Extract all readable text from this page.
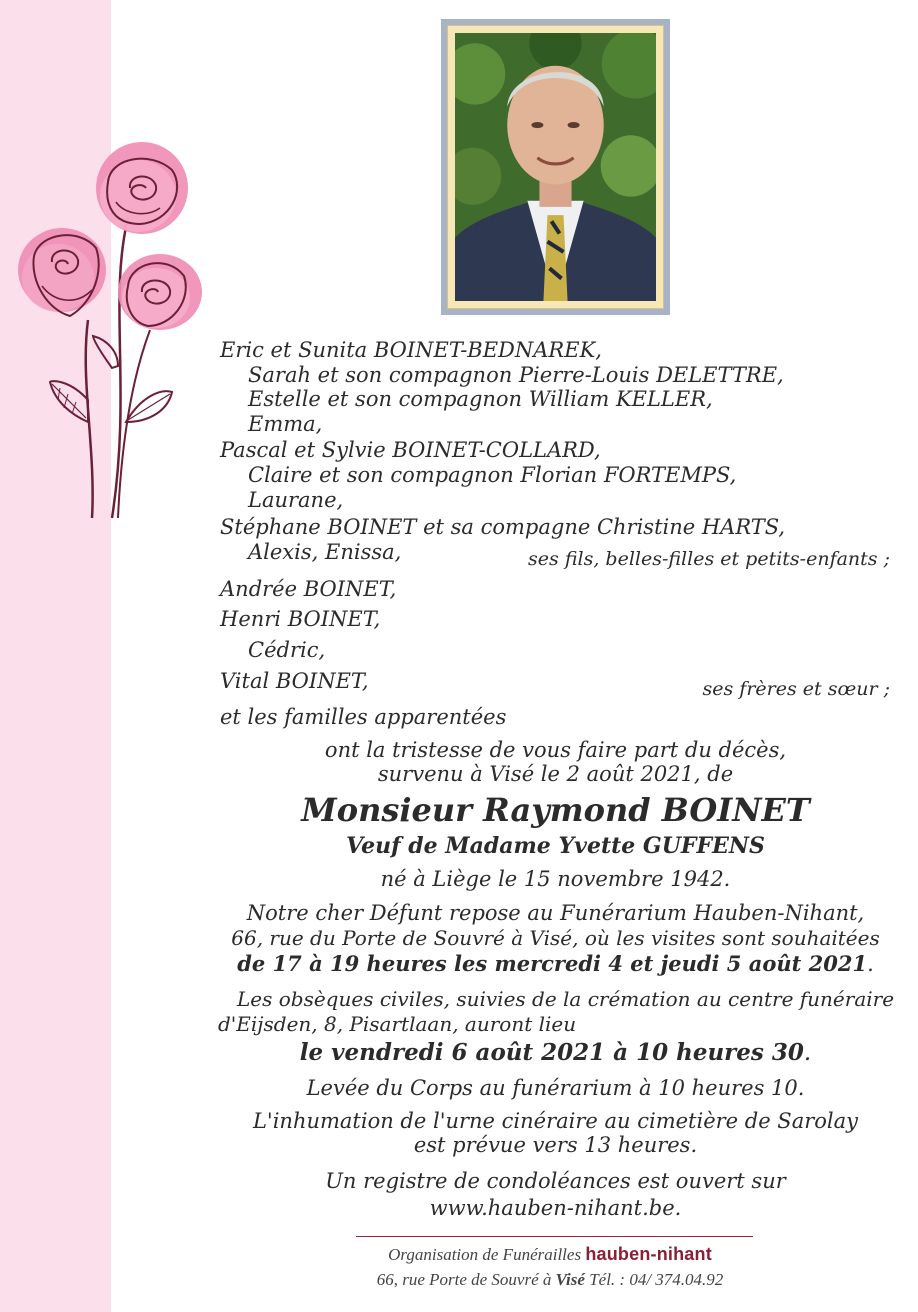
Eric et Sunita BOINET-BEDNAREK,
Sarah et son compagnon Pierre-Louis DELETTRE,
Estelle et son compagnon William KELLER,
Emma,
Pascal et Sylvie BOINET-COLLARD,
Claire et son compagnon Florian FORTEMPS,
Laurane,
Stéphane BOINET et sa compagne Christine HARTS,
Alexis, Enissa,	ses fils, belles-filles et petits-enfants ;
Andrée BOINET,
Henri BOINET,
Cédric,
Vital BOINET,	ses frères et sœur ;
et les familles apparentées
ont la tristesse de vous faire part du décès,
survenu à Visé le 2 août 2021, de
Monsieur Raymond BOINET
Veuf de Madame Yvette GUFFENS
né à Liège le 15 novembre 1942.
Notre cher Défunt repose au Funérarium Hauben-Nihant,
66, rue du Porte de Souvré à Visé, où les visites sont souhaitées
de 17 à 19 heures les mercredi 4 et jeudi 5 août 2021.
Les obsèques civiles, suivies de la crémation au centre funéraire
d'Eijsden, 8, Pisartlaan, auront lieu
le vendredi 6 août 2021 à 10 heures 30.
Levée du Corps au funérarium à 10 heures 10.
L'inhumation de l'urne cinéraire au cimetière de Sarolay
est prévue vers 13 heures.
Un registre de condoléances est ouvert sur
www.hauben-nihant.be.
Organisation de Funérailles hauben-nihant
66, rue Porte de Souvré à Visé Tél. : 04/ 374.04.92
